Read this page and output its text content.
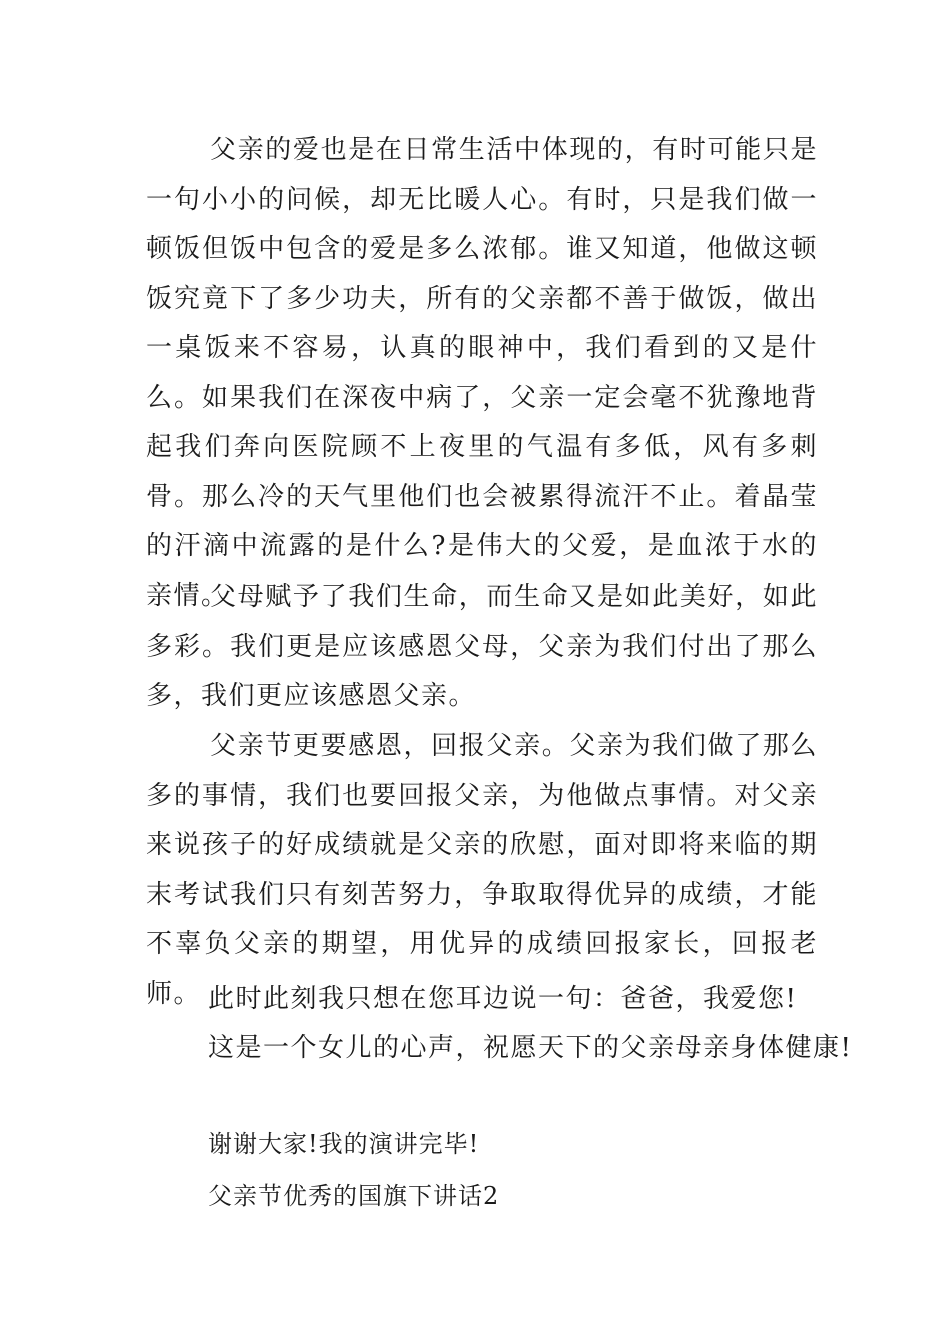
父亲的爱也是在日常生活中体现的，有时可能只是一句小小的问候，却无比暖人心。有时，只是我们做一顿饭但饭中包含的爱是多么浓郁。谁又知道，他做这顿饭究竟下了多少功夫，所有的父亲都不善于做饭，做出一桌饭来不容易，认真的眼神中，我们看到的又是什么。如果我们在深夜中病了，父亲一定会毫不犹豫地背起我们奔向医院顾不上夜里的气温有多低，风有多刺骨。那么冷的天气里他们也会被累得流汗不止。着晶莹的汗滴中流露的是什么?是伟大的父爱，是血浓于水的亲情。

父母赋予了我们生命，而生命又是如此美好，如此多彩。我们更是应该感恩父母，父亲为我们付出了那么多，我们更应该感恩父亲。

父亲节更要感恩，回报父亲。父亲为我们做了那么多的事情，我们也要回报父亲，为他做点事情。对父亲来说孩子的好成绩就是父亲的欣慰，面对即将来临的期末考试我们只有刻苦努力，争取取得优异的成绩，才能不辜负父亲的期望，用优异的成绩回报家长，回报老师。 此时此刻我只想在您耳边说一句：爸爸，我爱您!

这是一个女儿的心声，祝愿天下的父亲母亲身体健康!

谢谢大家!我的演讲完毕!

父亲节优秀的国旗下讲话2
